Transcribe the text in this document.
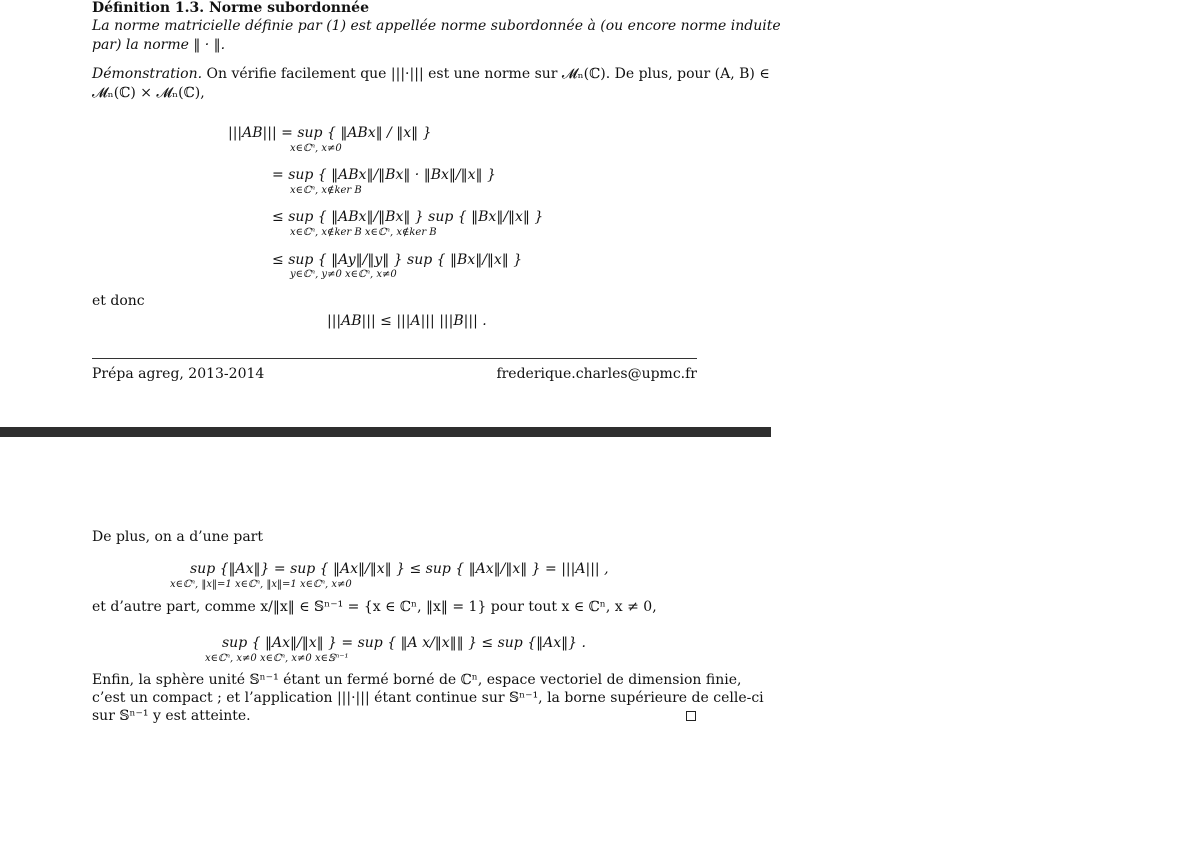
Définition 1.3. Norme subordonnée
La norme matricielle définie par (1) est appellée norme subordonnée à (ou encore norme induite
par) la norme ‖ · ‖.
Démonstration. On vérifie facilement que |||·||| est une norme sur 𝓜ₙ(ℂ). De plus, pour (A, B) ∈
𝓜ₙ(ℂ) × 𝓜ₙ(ℂ),
|||AB||| = sup { ‖ABx‖ / ‖x‖ }
x∈ℂⁿ, x≠0
= sup { ‖ABx‖/‖Bx‖ · ‖Bx‖/‖x‖ }
x∈ℂⁿ, x∉ker B
≤ sup { ‖ABx‖/‖Bx‖ } sup { ‖Bx‖/‖x‖ }
x∈ℂⁿ, x∉ker B x∈ℂⁿ, x∉ker B
≤ sup { ‖Ay‖/‖y‖ } sup { ‖Bx‖/‖x‖ }
y∈ℂⁿ, y≠0 x∈ℂⁿ, x≠0
et donc
|||AB||| ≤ |||A||| |||B||| .
Prépa agreg, 2013-2014	frederique.charles@upmc.fr
De plus, on a d’une part
sup {‖Ax‖} = sup { ‖Ax‖/‖x‖ } ≤ sup { ‖Ax‖/‖x‖ } = |||A||| ,
x∈ℂⁿ, ‖x‖=1 x∈ℂⁿ, ‖x‖=1 x∈ℂⁿ, x≠0
et d’autre part, comme x/‖x‖ ∈ 𝕊ⁿ⁻¹ = {x ∈ ℂⁿ, ‖x‖ = 1} pour tout x ∈ ℂⁿ, x ≠ 0,
sup { ‖Ax‖/‖x‖ } = sup { ‖A x/‖x‖‖ } ≤ sup {‖Ax‖} .
x∈ℂⁿ, x≠0 x∈ℂⁿ, x≠0 x∈𝕊ⁿ⁻¹
Enfin, la sphère unité 𝕊ⁿ⁻¹ étant un fermé borné de ℂⁿ, espace vectoriel de dimension finie,
c’est un compact ; et l’application |||·||| étant continue sur 𝕊ⁿ⁻¹, la borne supérieure de celle-ci
sur 𝕊ⁿ⁻¹ y est atteinte.
